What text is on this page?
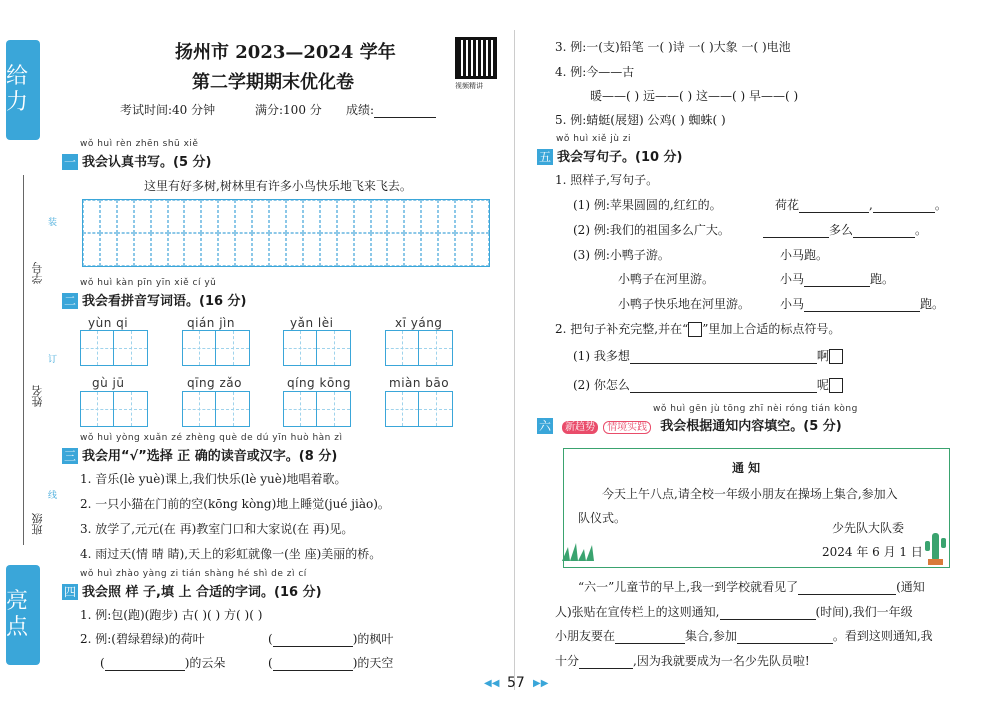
给 力
亮 点
学号
姓名
班级
装
订
线
扬州市 2023—2024 学年
第二学期期末优化卷
考试时间:40 分钟	满分:100 分 成绩:
视频精讲
wǒ huì rèn zhēn shū xiě
一 我会认真书写。(5 分)
这里有好多树,树林里有许多小鸟快乐地飞来飞去。
wǒ huì kàn pīn yīn xiě cí yǔ
二 我会看拼音写词语。(16 分)
yùn qi	qián jìn	yǎn lèi	xī yáng
gù jū	qīng zǎo	qíng kōng	miàn bāo
wǒ huì yòng xuǎn zé zhèng què de dú yīn huò hàn zì
三 我会用“√”选择 正 确的读音或汉字。(8 分)
1. 音乐(lè yuè)课上,我们快乐(lè yuè)地唱着歌。
2. 一只小猫在门前的空(kōng kòng)地上睡觉(jué jiào)。
3. 放学了,元元(在 再)教室门口和大家说(在 再)见。
4. 雨过天(情 晴 睛),天上的彩虹就像一(坐 座)美丽的桥。
wǒ huì zhào yàng zi tián shàng hé shì de zì cí
四 我会照 样 子,填 上 合适的字词。(16 分)
1. 例:包(跑)(跑步) 古( )( ) 方( )( )
2. 例:(碧绿碧绿)的荷叶	(	)的枫叶
(	)的云朵	(	)的天空
3. 例:一(支)铅笔 一( )诗 一( )大象 一( )电池
4. 例:今——古
暖——( ) 远——( ) 这——( ) 早——( )
5. 例:蜻蜓(展翅) 公鸡( ) 蜘蛛( )
wǒ huì xiě jù zi
五 我会写句子。(10 分)
1. 照样子,写句子。
(1) 例:苹果圆圆的,红红的。	荷花	,	。
(2) 例:我们的祖国多么广大。	多么	。
(3) 例:小鸭子游。	小马跑。
小鸭子在河里游。	小马	跑。
小鸭子快乐地在河里游。 小马	跑。
2. 把句子补充完整,并在“ ”里加上合适的标点符号。
(1) 我多想	啊
(2) 你怎么	呢
wǒ huì gēn jù tōng zhī nèi róng tián kòng
六 新趋势 情境实践 我会根据通知内容填空。(5 分)
通 知
今天上午八点,请全校一年级小朋友在操场上集合,参加入
队仪式。
少先队大队委
2024 年 6 月 1 日
“六一”儿童节的早上,我一到学校就看见了	(通知
人)张贴在宣传栏上的这则通知,	(时间),我们一年级
小朋友要在	集合,参加	。看到这则通知,我
十分	,因为我就要成为一名少先队员啦!
◀◀ 57 ▶▶
